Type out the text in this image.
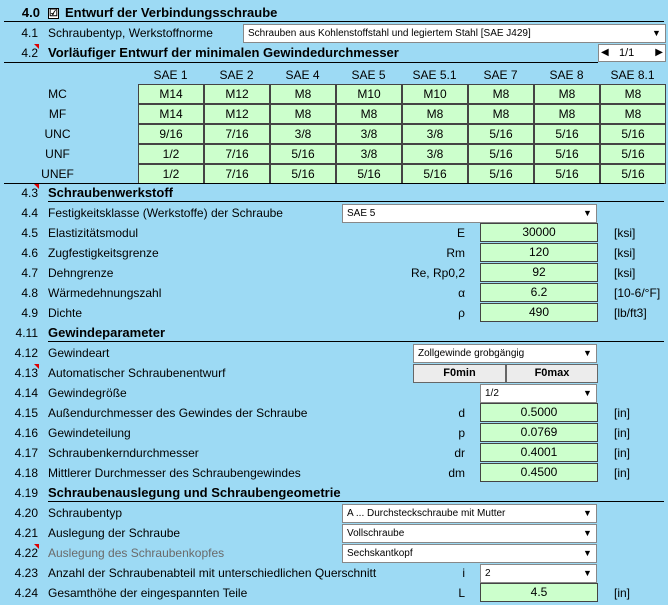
4.0 ☑ Entwurf der Verbindungsschraube
4.1 Schraubentyp, Werkstoffnorme	Schrauben aus Kohlenstoffstahl und legiertem Stahl [SAE J429]	▼
4.2 Vorläufiger Entwurf der minimalen Gewindedurchmesser	◀ 1/1 ▶
SAE 1	SAE 2	SAE 4	SAE 5	SAE 5.1	SAE 7	SAE 8	SAE 8.1
MC	M14	M12	M8	M10	M10	M8	M8	M8
MF	M14	M12	M8	M8	M8	M8	M8	M8
UNC	9/16	7/16	3/8	3/8	3/8	5/16	5/16	5/16
UNF	1/2	7/16	5/16	3/8	3/8	5/16	5/16	5/16
UNEF	1/2	7/16	5/16	5/16	5/16	5/16	5/16	5/16
4.3 Schraubenwerkstoff
4.4 Festigkeitsklasse (Werkstoffe) der Schraube	SAE 5	▼
4.5 Elastizitätsmodul	E	30000	[ksi]
4.6 Zugfestigkeitsgrenze	Rm	120	[ksi]
4.7 Dehngrenze	Re, Rp0,2	92	[ksi]
4.8 Wärmedehnungszahl	α	6.2	[10-6/°F]
4.9 Dichte	ρ	490	[lb/ft3]
4.11 Gewindeparameter
4.12 Gewindeart	Zollgewinde grobgängig	▼
4.13 Automatischer Schraubenentwurf	F0min	F0max
4.14 Gewindegröße	1/2	▼
4.15 Außendurchmesser des Gewindes der Schraube	d	0.5000	[in]
4.16 Gewindeteilung	p	0.0769	[in]
4.17 Schraubenkerndurchmesser	dr	0.4001	[in]
4.18 Mittlerer Durchmesser des Schraubengewindes	dm	0.4500	[in]
4.19 Schraubenauslegung und Schraubengeometrie
4.20 Schraubentyp	A ... Durchsteckschraube mit Mutter	▼
4.21 Auslegung der Schraube	Vollschraube	▼
4.22 Auslegung des Schraubenkopfes	Sechskantkopf	▼
4.23 Anzahl der Schraubenabteil mit unterschiedlichen Querschnitt	i	2	▼
4.24 Gesamthöhe der eingespannten Teile	L	4.5	[in]
